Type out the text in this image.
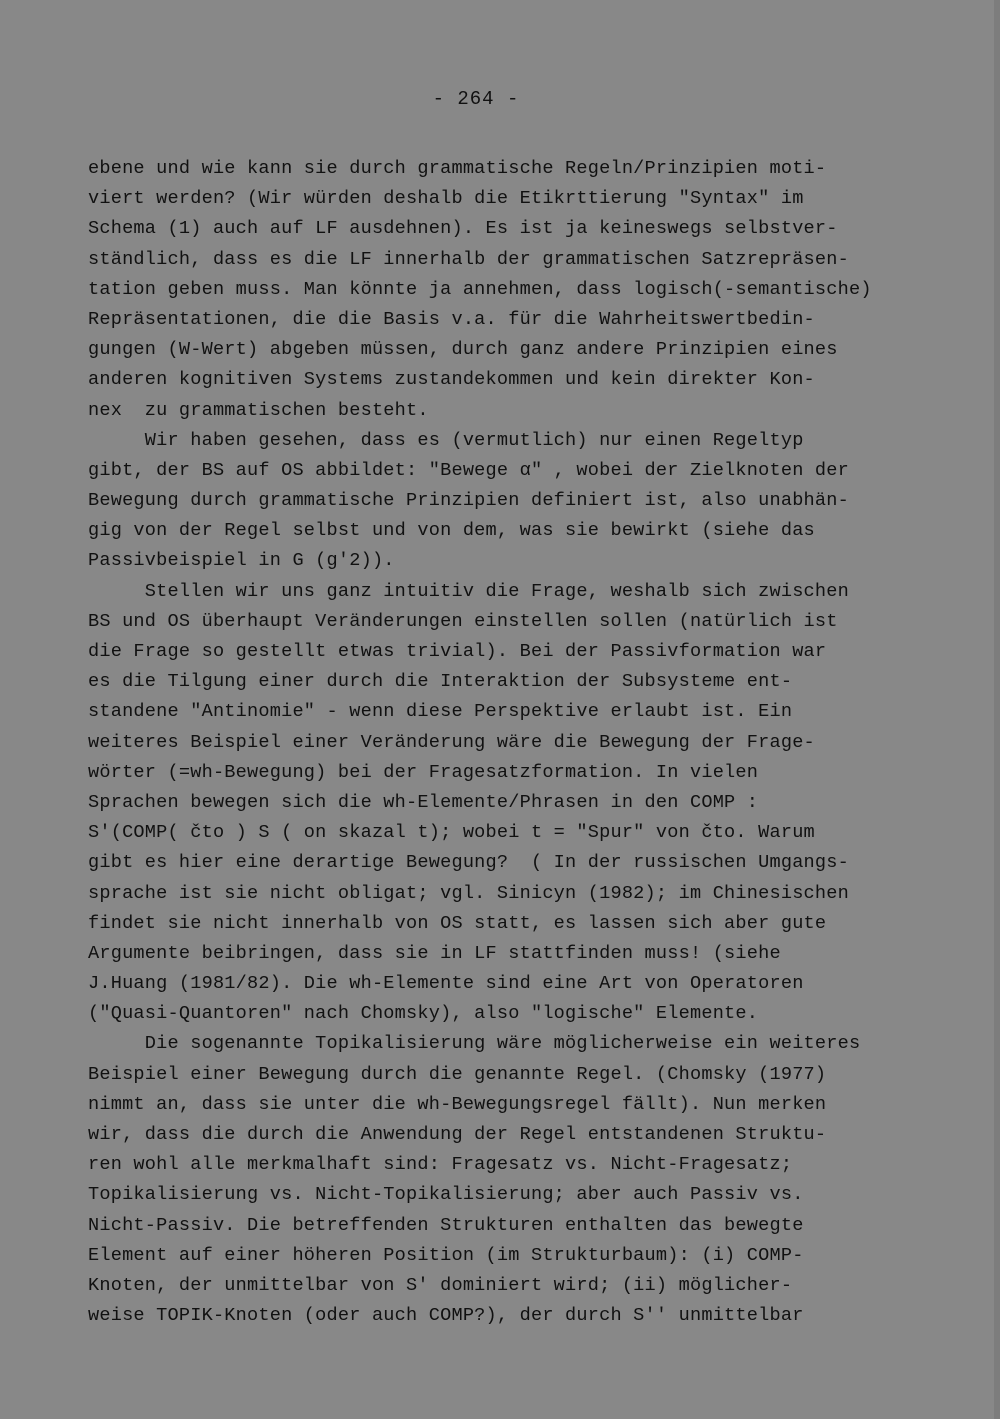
- 264 -
ebene und wie kann sie durch grammatische Regeln/Prinzipien moti-
viert werden? (Wir würden deshalb die Etikrttierung "Syntax" im
Schema (1) auch auf LF ausdehnen). Es ist ja keineswegs selbstver-
ständlich, dass es die LF innerhalb der grammatischen Satzrepräsen-
tation geben muss. Man könnte ja annehmen, dass logisch(-semantische)
Repräsentationen, die die Basis v.a. für die Wahrheitswertbedin-
gungen (W-Wert) abgeben müssen, durch ganz andere Prinzipien eines
anderen kognitiven Systems zustandekommen und kein direkter Kon-
nex  zu grammatischen besteht.
Wir haben gesehen, dass es (vermutlich) nur einen Regeltyp
gibt, der BS auf OS abbildet: "Bewege α" , wobei der Zielknoten der
Bewegung durch grammatische Prinzipien definiert ist, also unabhän-
gig von der Regel selbst und von dem, was sie bewirkt (siehe das
Passivbeispiel in G (g'2)).
Stellen wir uns ganz intuitiv die Frage, weshalb sich zwischen
BS und OS überhaupt Veränderungen einstellen sollen (natürlich ist
die Frage so gestellt etwas trivial). Bei der Passivformation war
es die Tilgung einer durch die Interaktion der Subsysteme ent-
standene "Antinomie" - wenn diese Perspektive erlaubt ist. Ein
weiteres Beispiel einer Veränderung wäre die Bewegung der Frage-
wörter (=wh-Bewegung) bei der Fragesatzformation. In vielen
Sprachen bewegen sich die wh-Elemente/Phrasen in den COMP :
S'(COMP( čto ) S ( on skazal t); wobei t = "Spur" von čto. Warum
gibt es hier eine derartige Bewegung?  ( In der russischen Umgangs-
sprache ist sie nicht obligat; vgl. Sinicyn (1982); im Chinesischen
findet sie nicht innerhalb von OS statt, es lassen sich aber gute
Argumente beibringen, dass sie in LF stattfinden muss! (siehe
J.Huang (1981/82). Die wh-Elemente sind eine Art von Operatoren
("Quasi-Quantoren" nach Chomsky), also "logische" Elemente.
Die sogenannte Topikalisierung wäre möglicherweise ein weiteres
Beispiel einer Bewegung durch die genannte Regel. (Chomsky (1977)
nimmt an, dass sie unter die wh-Bewegungsregel fällt). Nun merken
wir, dass die durch die Anwendung der Regel entstandenen Struktu-
ren wohl alle merkmalhaft sind: Fragesatz vs. Nicht-Fragesatz;
Topikalisierung vs. Nicht-Topikalisierung; aber auch Passiv vs.
Nicht-Passiv. Die betreffenden Strukturen enthalten das bewegte
Element auf einer höheren Position (im Strukturbaum): (i) COMP-
Knoten, der unmittelbar von S' dominiert wird; (ii) möglicher-
weise TOPIK-Knoten (oder auch COMP?), der durch S'' unmittelbar
